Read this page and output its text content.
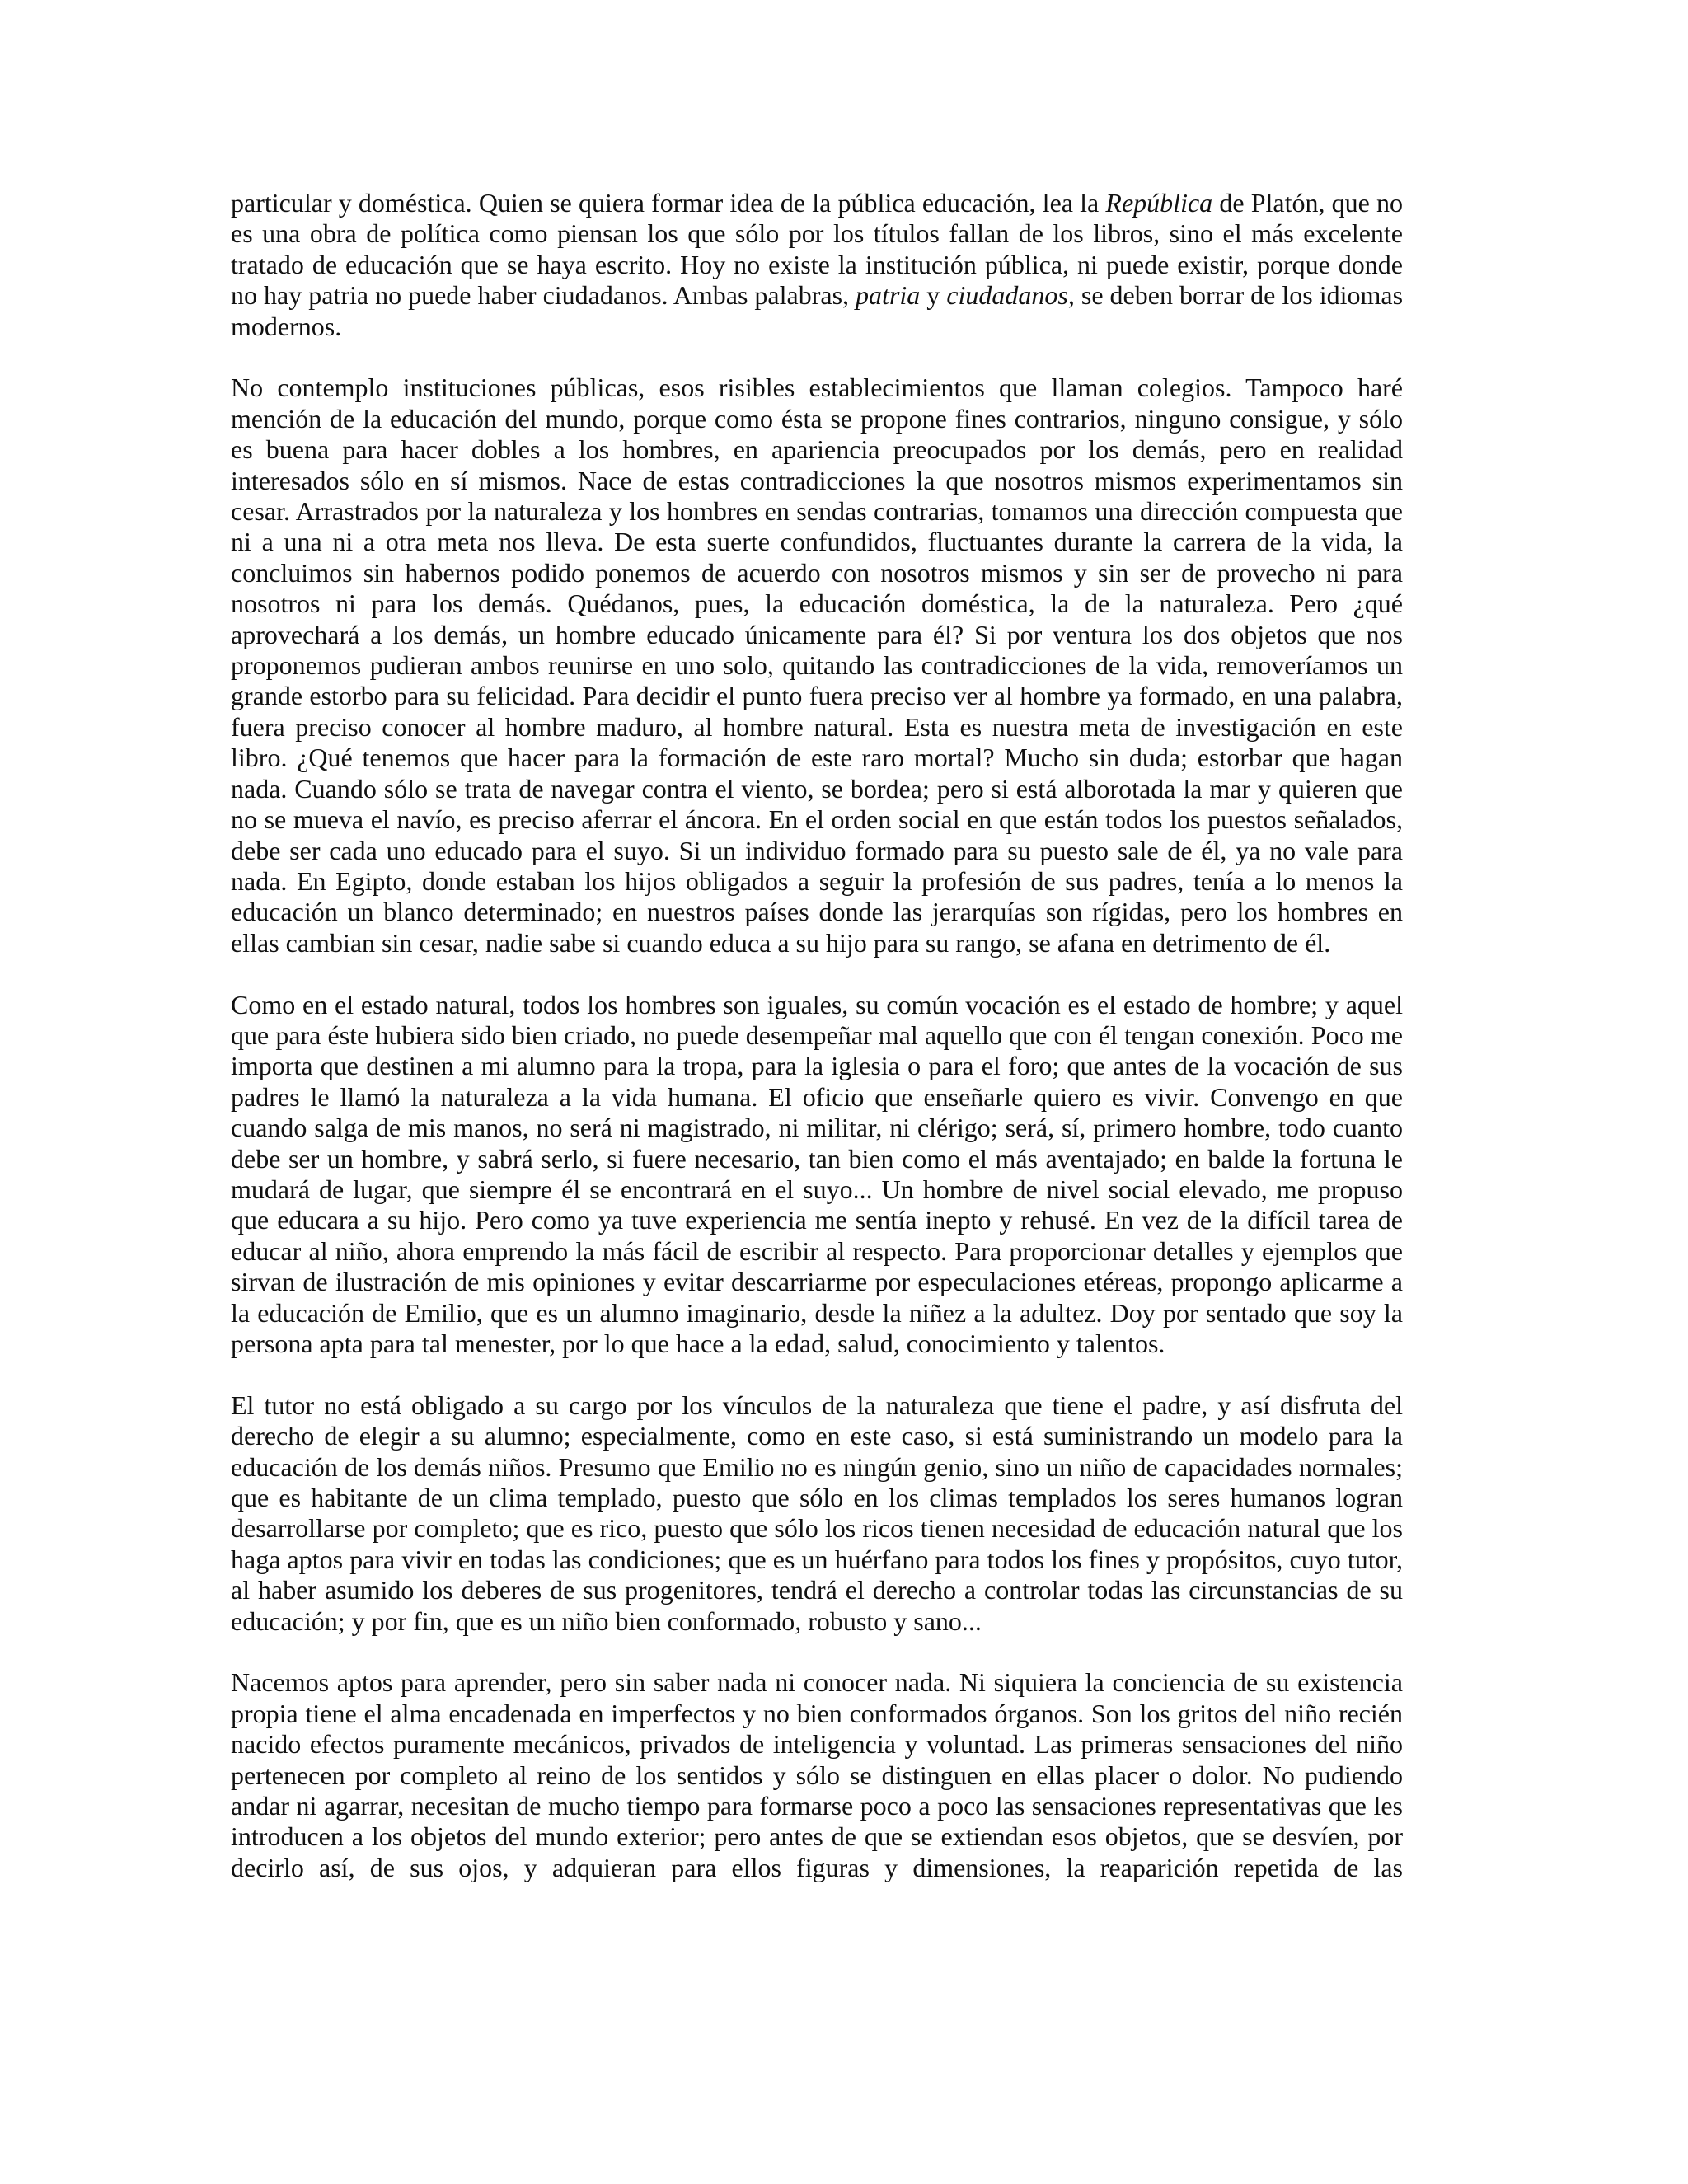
particular y doméstica. Quien se quiera formar idea de la pública educación, lea la República de Platón, que no es una obra de política como piensan los que sólo por los títulos fallan de los libros, sino el más excelente tratado de educación que se haya escrito. Hoy no existe la institución pública, ni puede existir, porque donde no hay patria no puede haber ciudadanos. Ambas palabras, patria y ciudadanos, se deben borrar de los idiomas modernos.

No contemplo instituciones públicas, esos risibles establecimientos que llaman colegios. Tampoco haré mención de la educación del mundo, porque como ésta se propone fines contrarios, ninguno consigue, y sólo es buena para hacer dobles a los hombres, en apariencia preocupados por los demás, pero en realidad interesados sólo en sí mismos. Nace de estas contradicciones la que nosotros mismos experimentamos sin cesar. Arrastrados por la naturaleza y los hombres en sendas contrarias, tomamos una dirección compuesta que ni a una ni a otra meta nos lleva. De esta suerte confundidos, fluctuantes durante la carrera de la vida, la concluimos sin habernos podido ponemos de acuerdo con nosotros mismos y sin ser de provecho ni para nosotros ni para los demás. Quédanos, pues, la educación doméstica, la de la naturaleza. Pero ¿qué aprovechará a los demás, un hombre educado únicamente para él? Si por ventura los dos objetos que nos proponemos pudieran ambos reunirse en uno solo, quitando las contradicciones de la vida, removeríamos un grande estorbo para su felicidad. Para decidir el punto fuera preciso ver al hombre ya formado, en una palabra, fuera preciso conocer al hombre maduro, al hombre natural. Esta es nuestra meta de investigación en este libro. ¿Qué tenemos que hacer para la formación de este raro mortal? Mucho sin duda; estorbar que hagan nada. Cuando sólo se trata de navegar contra el viento, se bordea; pero si está alborotada la mar y quieren que no se mueva el navío, es preciso aferrar el áncora. En el orden social en que están todos los puestos señalados, debe ser cada uno educado para el suyo. Si un individuo formado para su puesto sale de él, ya no vale para nada. En Egipto, donde estaban los hijos obligados a seguir la profesión de sus padres, tenía a lo menos la educación un blanco determinado; en nuestros países donde las jerarquías son rígidas, pero los hombres en ellas cambian sin cesar, nadie sabe si cuando educa a su hijo para su rango, se afana en detrimento de él.

Como en el estado natural, todos los hombres son iguales, su común vocación es el estado de hombre; y aquel que para éste hubiera sido bien criado, no puede desempeñar mal aquello que con él tengan conexión. Poco me importa que destinen a mi alumno para la tropa, para la iglesia o para el foro; que antes de la vocación de sus padres le llamó la naturaleza a la vida humana. El oficio que enseñarle quiero es vivir. Convengo en que cuando salga de mis manos, no será ni magistrado, ni militar, ni clérigo; será, sí, primero hombre, todo cuanto debe ser un hombre, y sabrá serlo, si fuere necesario, tan bien como el más aventajado; en balde la fortuna le mudará de lugar, que siempre él se encontrará en el suyo... Un hombre de nivel social elevado, me propuso que educara a su hijo. Pero como ya tuve experiencia me sentía inepto y rehusé. En vez de la difícil tarea de educar al niño, ahora emprendo la más fácil de escribir al respecto. Para proporcionar detalles y ejemplos que sirvan de ilustración de mis opiniones y evitar descarriarme por especulaciones etéreas, propongo aplicarme a la educación de Emilio, que es un alumno imaginario, desde la niñez a la adultez. Doy por sentado que soy la persona apta para tal menester, por lo que hace a la edad, salud, conocimiento y talentos.

El tutor no está obligado a su cargo por los vínculos de la naturaleza que tiene el padre, y así disfruta del derecho de elegir a su alumno; especialmente, como en este caso, si está suministrando un modelo para la educación de los demás niños. Presumo que Emilio no es ningún genio, sino un niño de capacidades normales; que es habitante de un clima templado, puesto que sólo en los climas templados los seres humanos logran desarrollarse por completo; que es rico, puesto que sólo los ricos tienen necesidad de educación natural que los haga aptos para vivir en todas las condiciones; que es un huérfano para todos los fines y propósitos, cuyo tutor, al haber asumido los deberes de sus progenitores, tendrá el derecho a controlar todas las circunstancias de su educación; y por fin, que es un niño bien conformado, robusto y sano...

Nacemos aptos para aprender, pero sin saber nada ni conocer nada. Ni siquiera la conciencia de su existencia propia tiene el alma encadenada en imperfectos y no bien conformados órganos. Son los gritos del niño recién nacido efectos puramente mecánicos, privados de inteligencia y voluntad. Las primeras sensaciones del niño pertenecen por completo al reino de los sentidos y sólo se distinguen en ellas placer o dolor. No pudiendo andar ni agarrar, necesitan de mucho tiempo para formarse poco a poco las sensaciones representativas que les introducen a los objetos del mundo exterior; pero antes de que se extiendan esos objetos, que se desvíen, por decirlo así, de sus ojos, y adquieran para ellos figuras y dimensiones, la reaparición repetida de las
